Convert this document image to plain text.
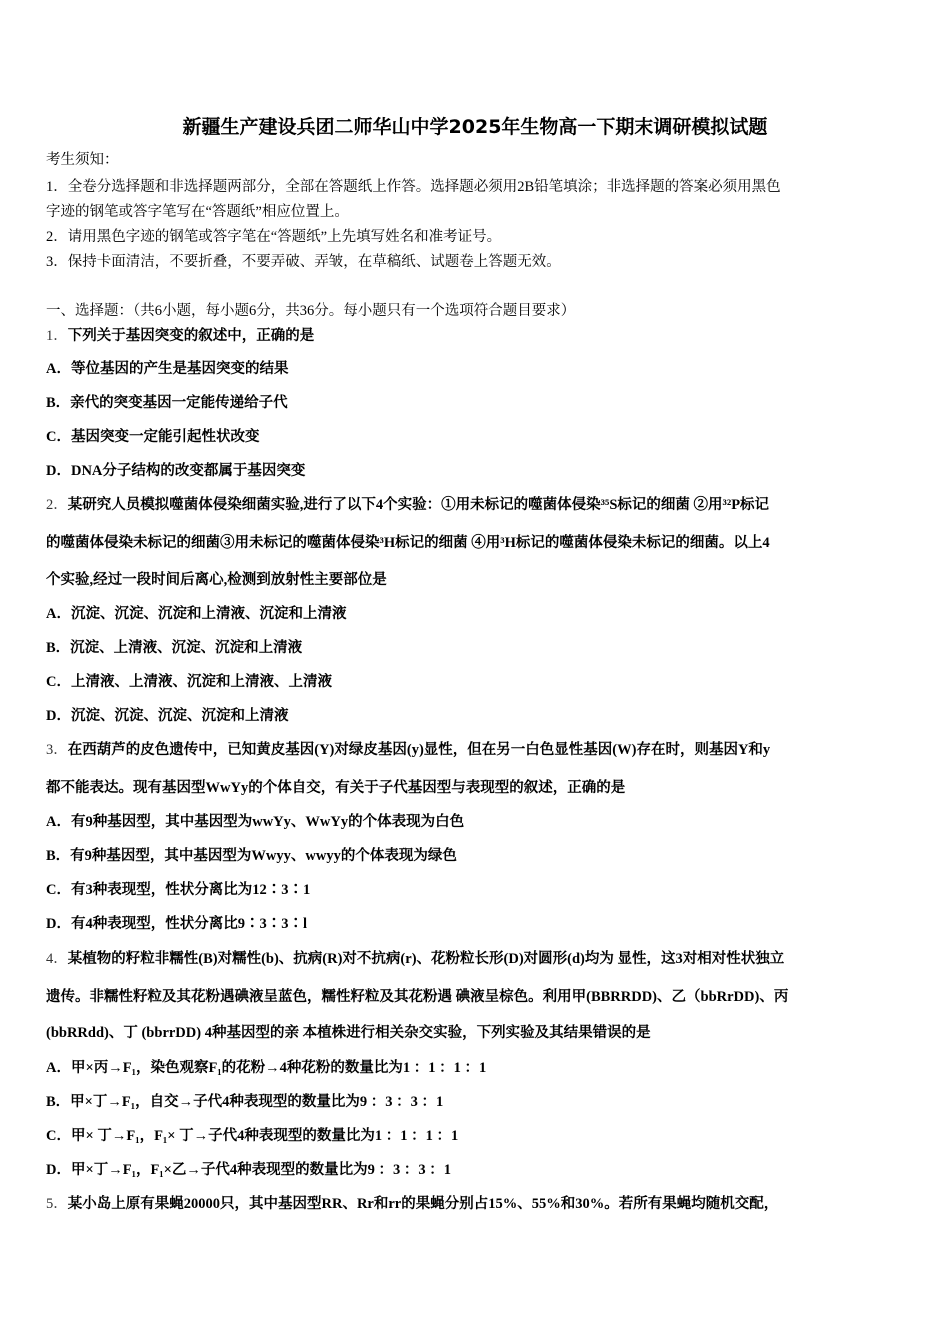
新疆生产建设兵团二师华山中学2025年生物高一下期末调研模拟试题
考生须知：
1．全卷分选择题和非选择题两部分，全部在答题纸上作答。选择题必须用2B铅笔填涂；非选择题的答案必须用黑色
字迹的钢笔或答字笔写在“答题纸”相应位置上。
2．请用黑色字迹的钢笔或答字笔在“答题纸”上先填写姓名和准考证号。
3．保持卡面清洁，不要折叠，不要弄破、弄皱，在草稿纸、试题卷上答题无效。
一、选择题：（共6小题，每小题6分，共36分。每小题只有一个选项符合题目要求）
1．下列关于基因突变的叙述中，正确的是
A．等位基因的产生是基因突变的结果
B．亲代的突变基因一定能传递给子代
C．基因突变一定能引起性状改变
D．DNA分子结构的改变都属于基因突变
2．某研究人员模拟噬菌体侵染细菌实验,进行了以下4个实验：①用未标记的噬菌体侵染³⁵S标记的细菌 ②用³²P标记
的噬菌体侵染未标记的细菌③用未标记的噬菌体侵染³H标记的细菌 ④用³H标记的噬菌体侵染未标记的细菌。以上4
个实验,经过一段时间后离心,检测到放射性主要部位是
A．沉淀、沉淀、沉淀和上清液、沉淀和上清液
B．沉淀、上清液、沉淀、沉淀和上清液
C．上清液、上清液、沉淀和上清液、上清液
D．沉淀、沉淀、沉淀、沉淀和上清液
3．在西葫芦的皮色遗传中，已知黄皮基因(Y)对绿皮基因(y)显性，但在另一白色显性基因(W)存在时，则基因Y和y
都不能表达。现有基因型WwYy的个体自交，有关于子代基因型与表现型的叙述，正确的是
A．有9种基因型，其中基因型为wwYy、WwYy的个体表现为白色
B．有9种基因型，其中基因型为Wwyy、wwyy的个体表现为绿色
C．有3种表现型，性状分离比为12∶3∶1
D．有4种表现型，性状分离比9∶3∶3∶l
4．某植物的籽粒非糯性(B)对糯性(b)、抗病(R)对不抗病(r)、花粉粒长形(D)对圆形(d)均为 显性，这3对相对性状独立
遗传。非糯性籽粒及其花粉遇碘液呈蓝色，糯性籽粒及其花粉遇 碘液呈棕色。利用甲(BBRRDD)、乙（bbRrDD)、丙
(bbRRdd)、丁 (bbrrDD) 4种基因型的亲 本植株进行相关杂交实验，下列实验及其结果错误的是
A．甲×丙→F₁，染色观察F₁的花粉→4种花粉的数量比为1 ：1 ：1 ：1
B．甲×丁→F₁，自交→子代4种表现型的数量比为9 ：3 ：3 ：1
C．甲× 丁→F₁，F₁× 丁→子代4种表现型的数量比为1 ：1 ：1 ：1
D．甲×丁→F₁，F₁×乙→子代4种表现型的数量比为9 ：3 ：3 ：1
5．某小岛上原有果蝇20000只，其中基因型RR、Rr和rr的果蝇分别占15%、55%和30%。若所有果蝇均随机交配，
